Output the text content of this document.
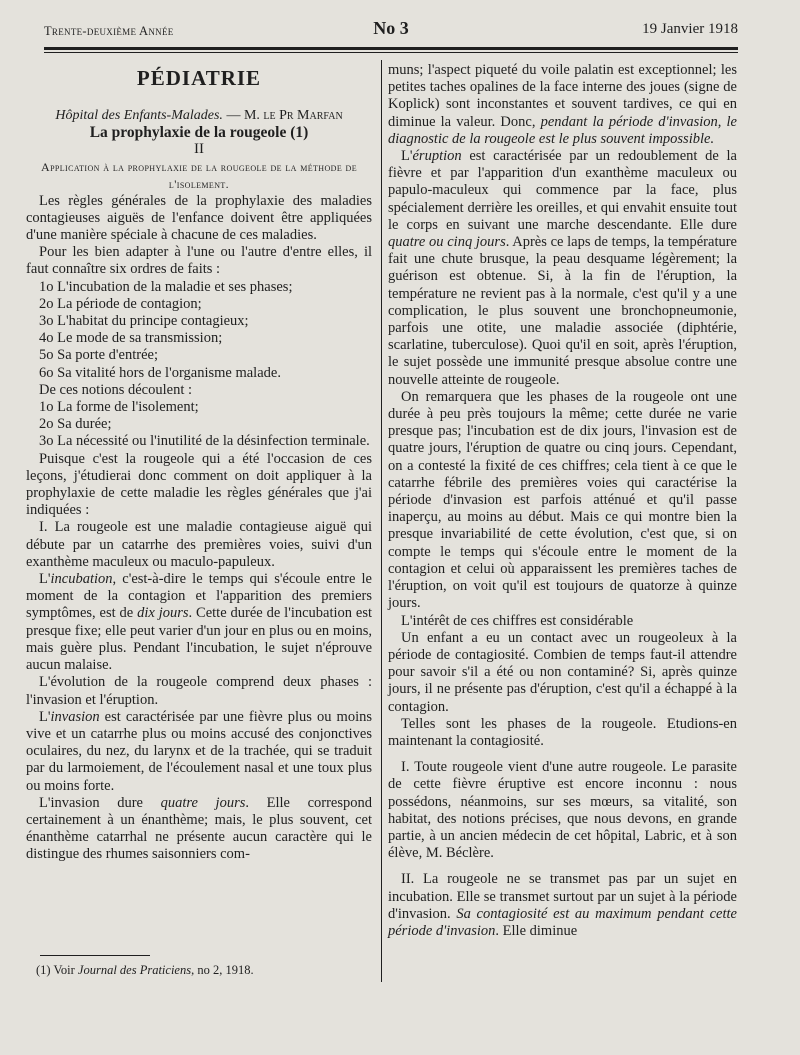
Trente-deuxième Année	No 3	19 Janvier 1918
PÉDIATRIE

Hôpital des Enfants-Malades. — M. le Pr Marfan

La prophylaxie de la rougeole (1)

II

Application à la prophylaxie de la rougeole de la méthode de l'isolement.

Les règles générales de la prophylaxie des maladies contagieuses aiguës de l'enfance doivent être appliquées d'une manière spéciale à chacune de ces maladies.

Pour les bien adapter à l'une ou l'autre d'entre elles, il faut connaître six ordres de faits :

1o L'incubation de la maladie et ses phases;

2o La période de contagion;

3o L'habitat du principe contagieux;

4o Le mode de sa transmission;

5o Sa porte d'entrée;

6o Sa vitalité hors de l'organisme malade.

De ces notions découlent :

1o La forme de l'isolement;

2o Sa durée;

3o La nécessité ou l'inutilité de la désinfection terminale.

Puisque c'est la rougeole qui a été l'occasion de ces leçons, j'étudierai donc comment on doit appliquer à la prophylaxie de cette maladie les règles générales que j'ai indiquées :

I. La rougeole est une maladie contagieuse aiguë qui débute par un catarrhe des premières voies, suivi d'un exanthème maculeux ou maculo-papuleux.

L'incubation, c'est-à-dire le temps qui s'écoule entre le moment de la contagion et l'apparition des premiers symptômes, est de dix jours. Cette durée de l'incubation est presque fixe; elle peut varier d'un jour en plus ou en moins, mais guère plus. Pendant l'incubation, le sujet n'éprouve aucun malaise.

L'évolution de la rougeole comprend deux phases : l'invasion et l'éruption.

L'invasion est caractérisée par une fièvre plus ou moins vive et un catarrhe plus ou moins accusé des conjonctives oculaires, du nez, du larynx et de la trachée, qui se traduit par du larmoiement, de l'écoulement nasal et une toux plus ou moins forte.

L'invasion dure quatre jours. Elle correspond certainement à un énanthème; mais, le plus souvent, cet énanthème catarrhal ne présente aucun caractère qui le distingue des rhumes saisonniers com-

(1) Voir Journal des Praticiens, no 2, 1918.

muns; l'aspect piqueté du voile palatin est exceptionnel; les petites taches opalines de la face interne des joues (signe de Koplick) sont inconstantes et souvent tardives, ce qui en diminue la valeur. Donc, pendant la période d'invasion, le diagnostic de la rougeole est le plus souvent impossible.

L'éruption est caractérisée par un redoublement de la fièvre et par l'apparition d'un exanthème maculeux ou papulo-maculeux qui commence par la face, plus spécialement derrière les oreilles, et qui envahit ensuite tout le corps en suivant une marche descendante. Elle dure quatre ou cinq jours. Après ce laps de temps, la température fait une chute brusque, la peau desquame légèrement; la guérison est obtenue. Si, à la fin de l'éruption, la température ne revient pas à la normale, c'est qu'il y a une complication, le plus souvent une bronchopneumonie, parfois une otite, une maladie associée (diphtérie, scarlatine, tuberculose). Quoi qu'il en soit, après l'éruption, le sujet possède une immunité presque absolue contre une nouvelle atteinte de rougeole.

On remarquera que les phases de la rougeole ont une durée à peu près toujours la même; cette durée ne varie presque pas; l'incubation est de dix jours, l'invasion est de quatre jours, l'éruption de quatre ou cinq jours. Cependant, on a contesté la fixité de ces chiffres; cela tient à ce que le catarrhe fébrile des premières voies qui caractérise la période d'invasion est parfois atténué et qu'il passe inaperçu, au moins au début. Mais ce qui montre bien la presque invariabilité de cette évolution, c'est que, si on compte le temps qui s'écoule entre le moment de la contagion et celui où apparaissent les premières taches de l'éruption, on voit qu'il est toujours de quatorze à quinze jours.

L'intérêt de ces chiffres est considérable

Un enfant a eu un contact avec un rougeoleux à la période de contagiosité. Combien de temps faut-il attendre pour savoir s'il a été ou non contaminé? Si, après quinze jours, il ne présente pas d'éruption, c'est qu'il a échappé à la contagion.

Telles sont les phases de la rougeole. Etudions-en maintenant la contagiosité.

I. Toute rougeole vient d'une autre rougeole. Le parasite de cette fièvre éruptive est encore inconnu : nous possédons, néanmoins, sur ses mœurs, sa vitalité, son habitat, des notions précises, que nous devons, en grande partie, à un ancien médecin de cet hôpital, Labric, et à son élève, M. Béclère.

II. La rougeole ne se transmet pas par un sujet en incubation. Elle se transmet surtout par un sujet à la période d'invasion. Sa contagiosité est au maximum pendant cette période d'invasion. Elle diminue
